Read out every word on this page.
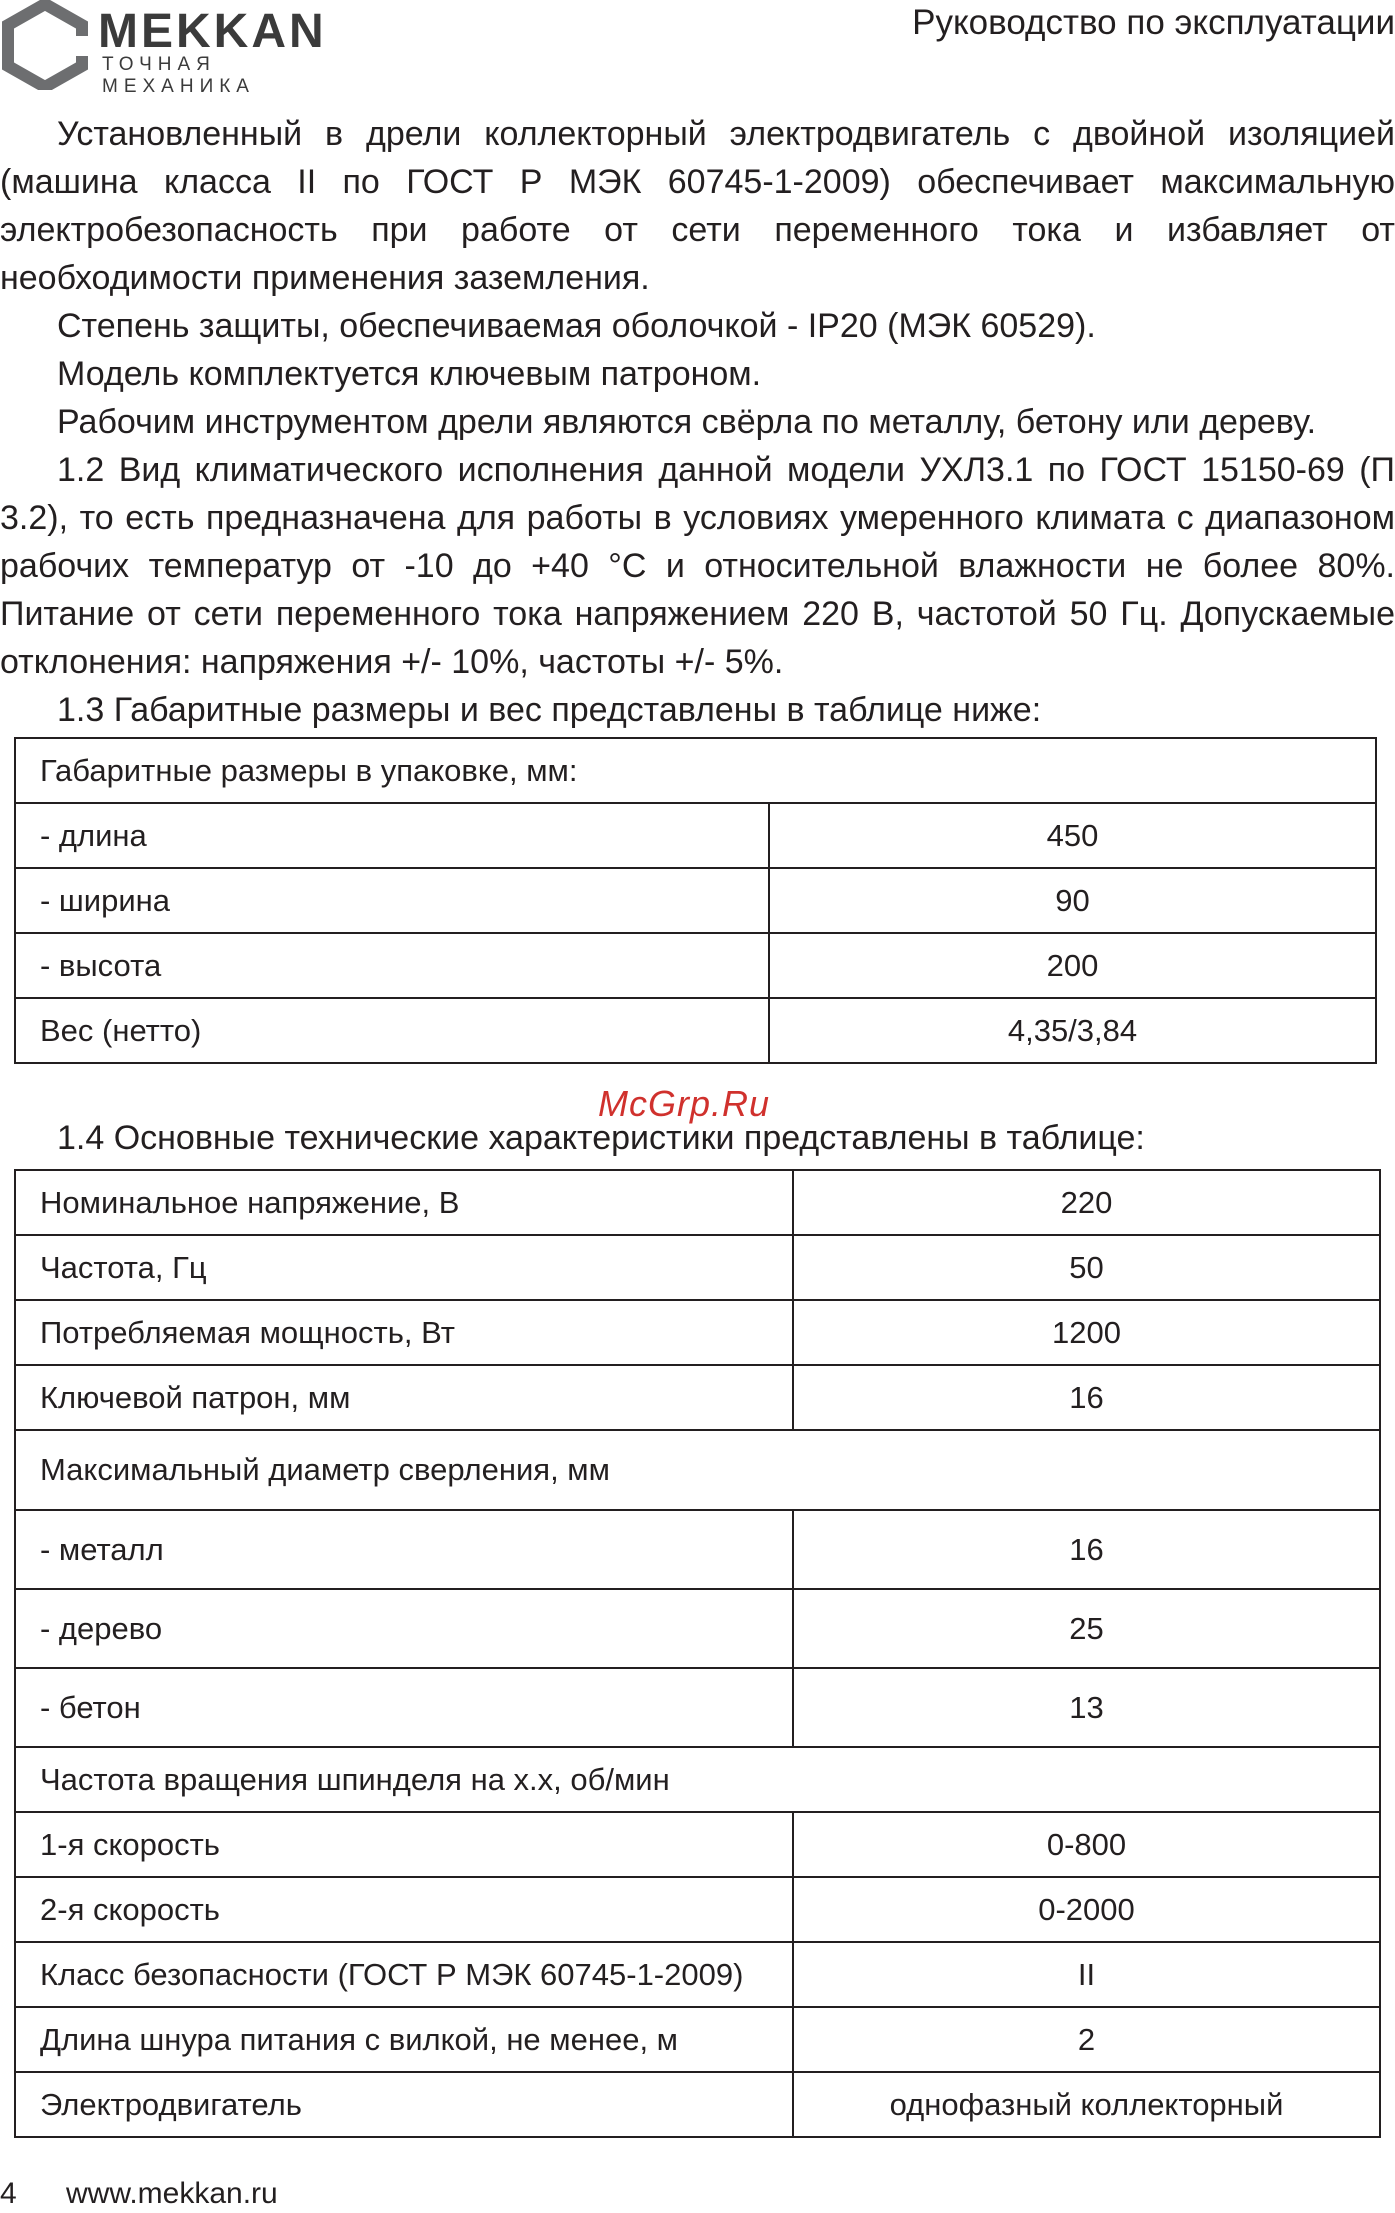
MEKKAN
ТОЧНАЯ МЕХАНИКА
Руководство по эксплуатации

Установленный в дрели коллекторный электродвигатель с двойной изоляцией (машина класса II по ГОСТ Р МЭК 60745-1-2009) обеспечивает максимальную электробезопасность при работе от сети переменного тока и избавляет от необходимости применения заземления.

Степень защиты, обеспечиваемая оболочкой - IP20 (МЭК 60529).

Модель комплектуется ключевым патроном.

Рабочим инструментом дрели являются свёрла по металлу, бетону или дереву.

1.2 Вид климатического исполнения данной модели УХЛ3.1 по ГОСТ 15150-69 (П 3.2), то есть предназначена для работы в условиях умеренного климата с диапазоном рабочих температур от -10 до +40 °С и относительной влажности не более 80%. Питание от сети переменного тока напряжением 220 В, частотой 50 Гц. Допускаемые отклонения: напряжения +/- 10%, частоты +/- 5%.

1.3 Габаритные размеры и вес представлены в таблице ниже:

Габаритные размеры в упаковке, мм:	
- длина	450
- ширина	90
- высота	200
Вес (нетто)	4,35/3,84
McGrp.Ru
1.4 Основные технические характеристики представлены в таблице:
Номинальное напряжение, В	220
Частота, Гц	50
Потребляемая мощность, Вт	1200
Ключевой патрон, мм	16
Максимальный диаметр сверления, мм	
- металл	16
- дерево	25
- бетон	13
Частота вращения шпинделя на х.х, об/мин	
1-я скорость	0-800
2-я скорость	0-2000
Класс безопасности (ГОСТ Р МЭК 60745-1-2009)	II
Длина шнура питания с вилкой, не менее, м	2
Электродвигатель	однофазный коллекторный
4 www.mekkan.ru
